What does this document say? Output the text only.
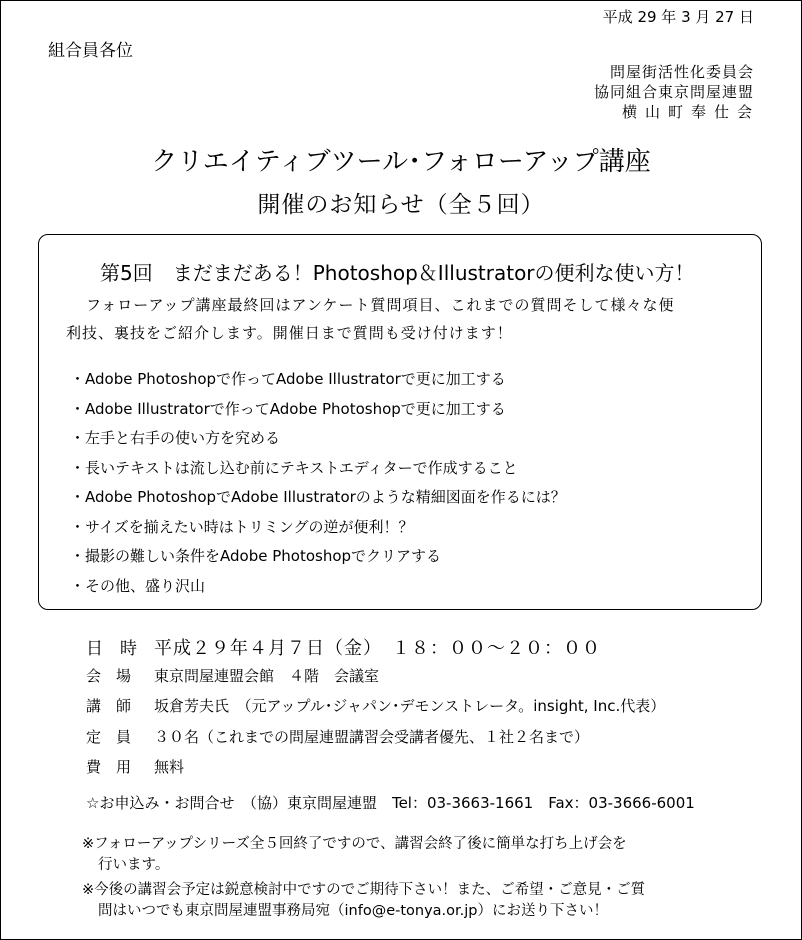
平成 29 年 3 月 27 日
組合員各位
問屋街活性化委員会
協同組合東京問屋連盟
横山町奉仕会
クリエイティブツール･フォローアップ講座
開催のお知らせ（全５回）
第5回　まだまだある！Photoshop＆Illustratorの便利な使い方！
フォローアップ講座最終回はアンケート質問項目、これまでの質問そして様々な便
利技、裏技をご紹介します。開催日まで質問も受け付けます！
・Adobe Photoshopで作ってAdobe Illustratorで更に加工する
・Adobe Illustratorで作ってAdobe Photoshopで更に加工する
・左手と右手の使い方を究める
・長いテキストは流し込む前にテキストエディターで作成すること
・Adobe PhotoshopでAdobe Illustratorのような精細図面を作るには？
・サイズを揃えたい時はトリミングの逆が便利！？
・撮影の難しい条件をAdobe Photoshopでクリアする
・その他、盛り沢山
日　時 平成２９年４月７日（金）　１８：００～２０：００
会　場	東京問屋連盟会館　４階　会議室
講　師	坂倉芳夫氏　（元アップル･ジャパン･デモンストレータ。insight, Inc.代表）
定　員	３０名（これまでの問屋連盟講習会受講者優先、１社２名まで）
費　用	無料
☆お申込み・お問合せ　（協）東京問屋連盟　Tel：03-3663-1661　Fax：03-3666-6001
※フォローアップシリーズ全５回終了ですので、講習会終了後に簡単な打ち上げ会を
行います。
※今後の講習会予定は鋭意検討中ですのでご期待下さい！また、ご希望・ご意見・ご質
問はいつでも東京問屋連盟事務局宛（info@e-tonya.or.jp）にお送り下さい！
